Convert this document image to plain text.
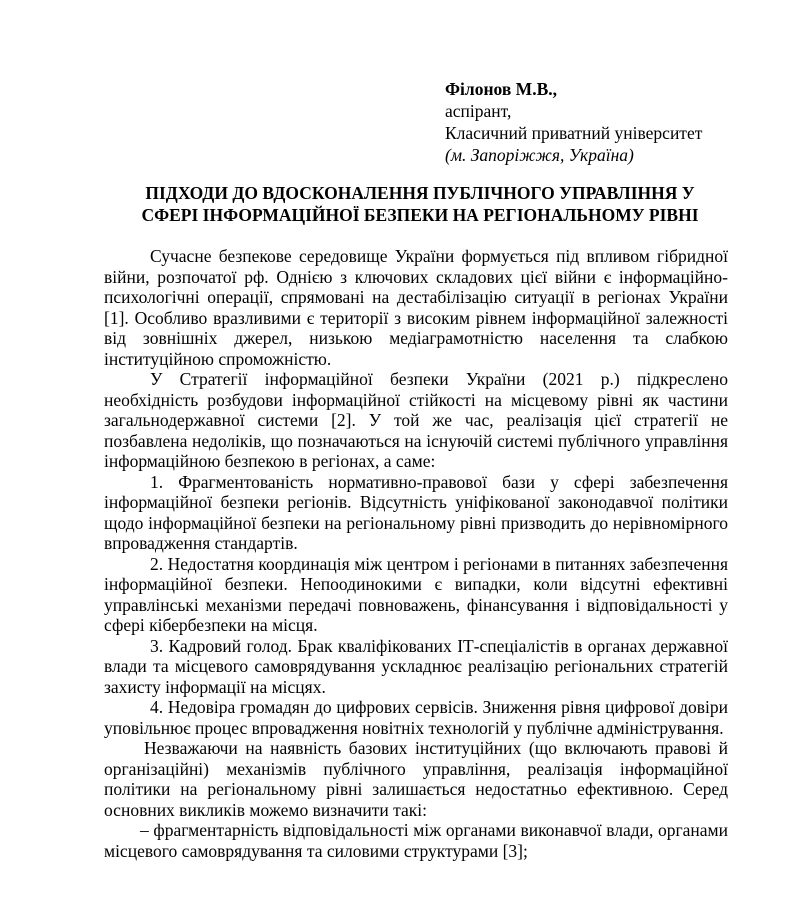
Філонов М.В.,
аспірант,
Класичний приватний університет
(м. Запоріжжя, Україна)
ПІДХОДИ ДО ВДОСКОНАЛЕННЯ ПУБЛІЧНОГО УПРАВЛІННЯ У
СФЕРІ ІНФОРМАЦІЙНОЇ БЕЗПЕКИ НА РЕГІОНАЛЬНОМУ РІВНІ

Сучасне безпекове середовище України формується під впливом гібридної війни, розпочатої рф. Однією з ключових складових цієї війни є інформаційно-психологічні операції, спрямовані на дестабілізацію ситуації в регіонах України [1]. Особливо вразливими є території з високим рівнем інформаційної залежності від зовнішніх джерел, низькою медіаграмотністю населення та слабкою інституційною спроможністю.

У Стратегії інформаційної безпеки України (2021 р.) підкреслено необхідність розбудови інформаційної стійкості на місцевому рівні як частини загальнодержавної системи [2]. У той же час, реалізація цієї стратегії не позбавлена недоліків, що позначаються на існуючій системі публічного управління інформаційною безпекою в регіонах, а саме:

1. Фрагментованість нормативно-правової бази у сфері забезпечення інформаційної безпеки регіонів. Відсутність уніфікованої законодавчої політики щодо інформаційної безпеки на регіональному рівні призводить до нерівномірного впровадження стандартів.

2. Недостатня координація між центром і регіонами в питаннях забезпечення інформаційної безпеки. Непоодинокими є випадки, коли відсутні ефективні управлінські механізми передачі повноважень, фінансування і відповідальності у сфері кібербезпеки на місця.

3. Кадровий голод. Брак кваліфікованих ІТ-спеціалістів в органах державної влади та місцевого самоврядування ускладнює реалізацію регіональних стратегій захисту інформації на місцях.

4. Недовіра громадян до цифрових сервісів. Зниження рівня цифрової довіри уповільнює процес впровадження новітніх технологій у публічне адміністрування.

Незважаючи на наявність базових інституційних (що включають правові й організаційні) механізмів публічного управління, реалізація інформаційної політики на регіональному рівні залишається недостатньо ефективною. Серед основних викликів можемо визначити такі:

– фрагментарність відповідальності між органами виконавчої влади, органами місцевого самоврядування та силовими структурами [3];
